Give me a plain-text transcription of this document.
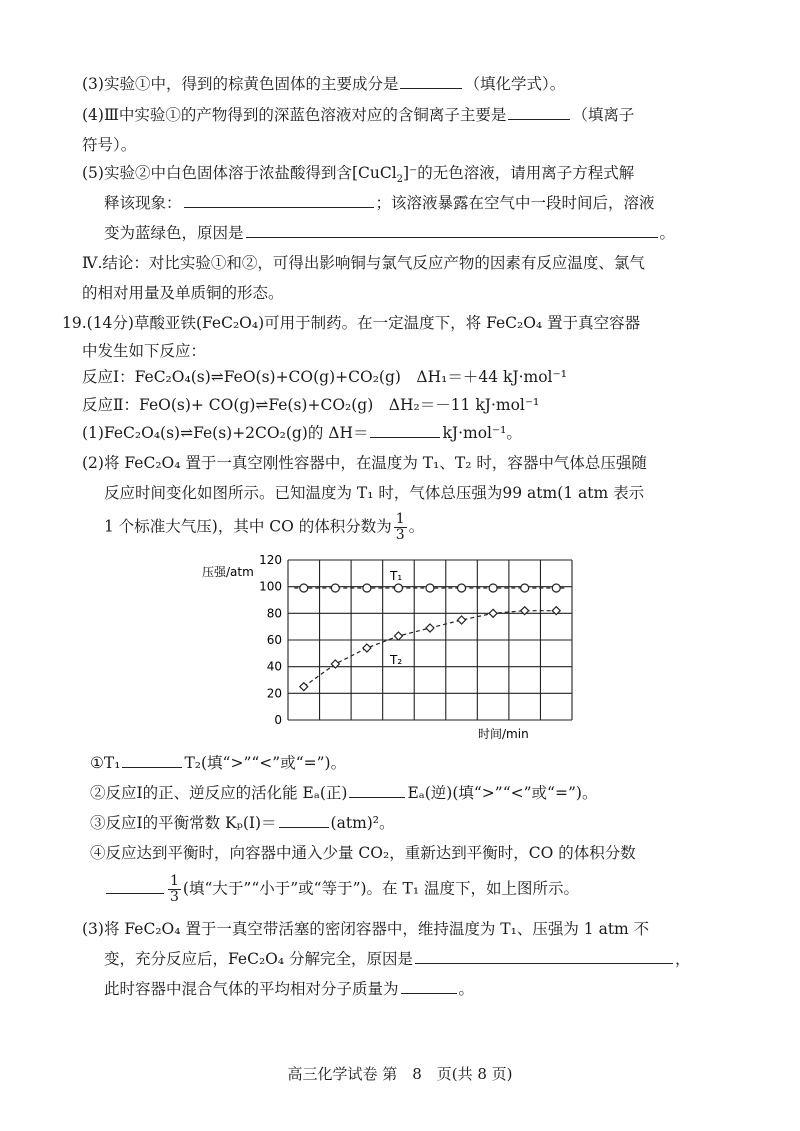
(3)实验①中，得到的棕黄色固体的主要成分是	（填化学式）。
(4)Ⅲ中实验①的产物得到的深蓝色溶液对应的含铜离子主要是	（填离子
符号）。
(5)实验②中白色固体溶于浓盐酸得到含[CuCl$_2$]⁻的无色溶液，请用离子方程式解
释该现象：	；该溶液暴露在空气中一段时间后，溶液
变为蓝绿色，原因是	。
Ⅳ.结论：对比实验①和②，可得出影响铜与氯气反应产物的因素有反应温度、氯气
的相对用量及单质铜的形态。
19.(14分)草酸亚铁(FeC₂O₄)可用于制药。在一定温度下，将 FeC₂O₄ 置于真空容器
中发生如下反应：
反应Ⅰ：FeC₂O₄(s)⇌FeO(s)+CO(g)+CO₂(g)　ΔH₁＝＋44 kJ·mol⁻¹
反应Ⅱ：FeO(s)+ CO(g)⇌Fe(s)+CO₂(g)　ΔH₂＝－11 kJ·mol⁻¹
(1)FeC₂O₄(s)⇌Fe(s)+2CO₂(g)的 ΔH＝	kJ·mol⁻¹。
(2)将 FeC₂O₄ 置于一真空刚性容器中，在温度为 T₁、T₂ 时，容器中气体总压强随
反应时间变化如图所示。已知温度为 T₁ 时，气体总压强为99 atm(1 atm 表示
1 个标准大气压)，其中 CO 的体积分数为 $\frac{1}{3}$ 。
压强/atm
时间/min
120
100
80
60
40
20
0
T₁
T₂
①T₁	T₂(填“>”“<”或“=”)。
②反应Ⅰ的正、逆反应的活化能 Eₐ(正)	Eₐ(逆)(填“>”“<”或“=”)。
③反应Ⅰ的平衡常数 Kₚ(Ⅰ)＝	(atm)²。
④反应达到平衡时，向容器中通入少量 CO₂，重新达到平衡时，CO 的体积分数
$\frac{1}{3}$ (填“大于”“小于”或“等于”)。在 T₁ 温度下，如上图所示。
(3)将 FeC₂O₄ 置于一真空带活塞的密闭容器中，维持温度为 T₁、压强为 1 atm 不
变，充分反应后，FeC₂O₄ 分解完全，原因是	，
此时容器中混合气体的平均相对分子质量为	。
高三化学试卷 第　8　页(共 8 页)
